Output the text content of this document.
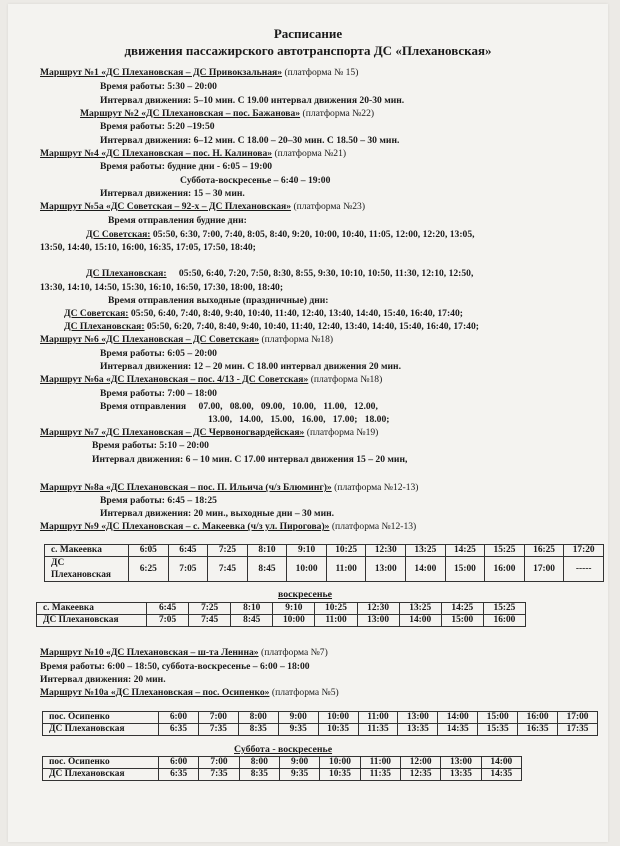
Расписание
движения пассажирского автотранспорта ДС «Плехановская»
Маршрут №1 «ДС Плехановская – ДС Привокзальная» (платформа № 15)
Время работы: 5:30 – 20:00
Интервал движения: 5–10 мин. С 19.00 интервал движения 20-30 мин.
Маршрут №2 «ДС Плехановская – пос. Бажанова» (платформа №22)
Время работы: 5:20 –19:50
Интервал движения: 6–12 мин. С 18.00 – 20–30 мин. С 18.50 – 30 мин.
Маршрут №4 «ДС Плехановская – пос. Н. Калинова» (платформа №21)
Время работы: будние дни - 6:05 – 19:00
Суббота-воскресенье – 6:40 – 19:00
Интервал движения: 15 – 30 мин.
Маршрут №5а «ДС Советская – 92-х – ДС Плехановская» (платформа №23)
Время отправления будние дни:
ДС Советская: 05:50, 6:30, 7:00, 7:40, 8:05, 8:40, 9:20, 10:00, 10:40, 11:05, 12:00, 12:20, 13:05,
13:50, 14:40, 15:10, 16:00, 16:35, 17:05, 17:50, 18:40;
ДС Плехановская: 05:50, 6:40, 7:20, 7:50, 8:30, 8:55, 9:30, 10:10, 10:50, 11:30, 12:10, 12:50,
13:30, 14:10, 14:50, 15:30, 16:10, 16:50, 17:30, 18:00, 18:40;
Время отправления выходные (праздничные) дни:
ДС Советская: 05:50, 6:40, 7:40, 8:40, 9:40, 10:40, 11:40, 12:40, 13:40, 14:40, 15:40, 16:40, 17:40;
ДС Плехановская: 05:50, 6:20, 7:40, 8:40, 9:40, 10:40, 11:40, 12:40, 13:40, 14:40, 15:40, 16:40, 17:40;
Маршрут №6 «ДС Плехановская – ДС Советская» (платформа №18)
Время работы: 6:05 – 20:00
Интервал движения: 12 – 20 мин. С 18.00 интервал движения 20 мин.
Маршрут №6а «ДС Плехановская – пос. 4/13 - ДС Советская» (платформа №18)
Время работы: 7:00 – 18:00
Время отправления 07.00,   08.00,   09.00,   10.00,   11.00,   12.00,
13.00,   14.00,   15.00,   16.00,   17.00;   18.00;
Маршрут №7 «ДС Плехановская – ДС Червоногвардейская» (платформа №19)
Время работы: 5:10 – 20:00
Интервал движения: 6 – 10 мин. С 17.00 интервал движения 15 – 20 мин,
Маршрут №8а «ДС Плехановская – пос. П. Ильича (ч/з Блюминг)» (платформа №12-13)
Время работы: 6:45 – 18:25
Интервал движения: 20 мин., выходные дни – 30 мин.
Маршрут №9 «ДС Плехановская – с. Макеевка (ч/з ул. Пирогова)» (платформа №12-13)
с. Макеевка	6:05	6:45	7:25	8:10	9:10	10:25	12:30	13:25	14:25	15:25	16:25	17:20
ДС Плехановская	6:25	7:05	7:45	8:45	10:00	11:00	13:00	14:00	15:00	16:00	17:00	-----
воскресенье
с. Макеевка	6:45	7:25	8:10	9:10	10:25	12:30	13:25	14:25	15:25
ДС Плехановская	7:05	7:45	8:45	10:00	11:00	13:00	14:00	15:00	16:00
Маршрут №10 «ДС Плехановская – ш-та Ленина» (платформа №7)
Время работы: 6:00 – 18:50, суббота-воскресенье – 6:00 – 18:00
Интервал движения: 20 мин.
Маршрут №10а «ДС Плехановская – пос. Осипенко» (платформа №5)
пос. Осипенко	6:00	7:00	8:00	9:00	10:00	11:00	13:00	14:00	15:00	16:00	17:00
ДС Плехановская	6:35	7:35	8:35	9:35	10:35	11:35	13:35	14:35	15:35	16:35	17:35
Суббота - воскресенье
пос. Осипенко	6:00	7:00	8:00	9:00	10:00	11:00	12:00	13:00	14:00
ДС Плехановская	6:35	7:35	8:35	9:35	10:35	11:35	12:35	13:35	14:35
